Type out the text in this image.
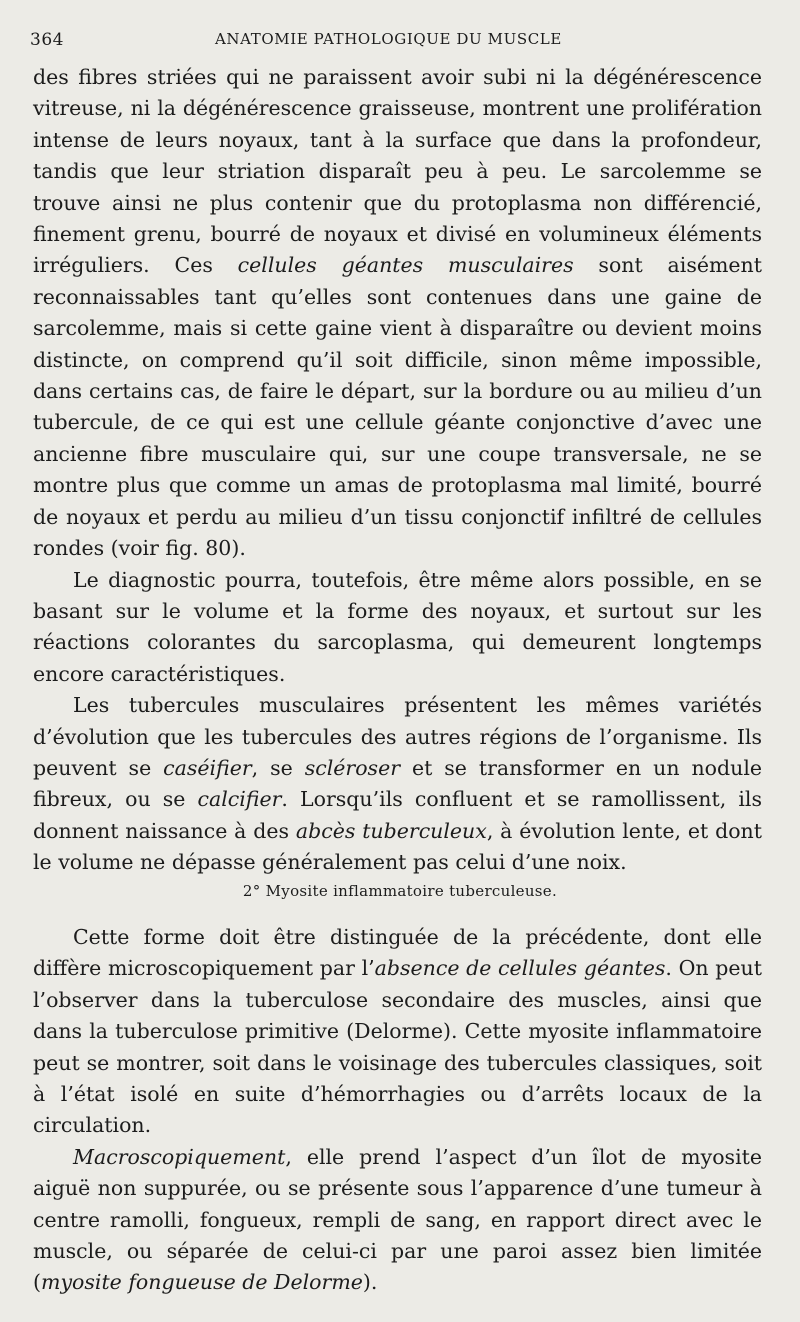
364	ANATOMIE PATHOLOGIQUE DU MUSCLE

des fibres striées qui ne paraissent avoir subi ni la dégénérescence vitreuse, ni la dégénérescence graisseuse, montrent une prolifération intense de leurs noyaux, tant à la surface que dans la profondeur, tandis que leur striation disparaît peu à peu. Le sarcolemme se trouve ainsi ne plus contenir que du protoplasma non différencié, finement grenu, bourré de noyaux et divisé en volumineux éléments irréguliers. Ces cellules géantes musculaires sont aisément reconnaissables tant qu’elles sont contenues dans une gaine de sarcolemme, mais si cette gaine vient à disparaître ou devient moins distincte, on comprend qu’il soit difficile, sinon même impossible, dans certains cas, de faire le départ, sur la bordure ou au milieu d’un tubercule, de ce qui est une cellule géante conjonctive d’avec une ancienne fibre musculaire qui, sur une coupe transversale, ne se montre plus que comme un amas de protoplasma mal limité, bourré de noyaux et perdu au milieu d’un tissu conjonctif infiltré de cellules rondes (voir fig. 80).

Le diagnostic pourra, toutefois, être même alors possible, en se basant sur le volume et la forme des noyaux, et surtout sur les réactions colorantes du sarcoplasma, qui demeurent longtemps encore caractéristiques.

Les tubercules musculaires présentent les mêmes variétés d’évolution que les tubercules des autres régions de l’organisme. Ils peuvent se caséifier, se scléroser et se transformer en un nodule fibreux, ou se calcifier. Lorsqu’ils confluent et se ramollissent, ils donnent naissance à des abcès tuberculeux, à évolution lente, et dont le volume ne dépasse généralement pas celui d’une noix.

2° Myosite inflammatoire tuberculeuse.

Cette forme doit être distinguée de la précédente, dont elle diffère microscopiquement par l’absence de cellules géantes. On peut l’observer dans la tuberculose secondaire des muscles, ainsi que dans la tuberculose primitive (Delorme). Cette myosite inflammatoire peut se montrer, soit dans le voisinage des tubercules classiques, soit à l’état isolé en suite d’hémorrhagies ou d’arrêts locaux de la circulation.

Macroscopiquement, elle prend l’aspect d’un îlot de myosite aiguë non suppurée, ou se présente sous l’apparence d’une tumeur à centre ramolli, fongueux, rempli de sang, en rapport direct avec le muscle, ou séparée de celui-ci par une paroi assez bien limitée (myosite fongueuse de Delorme).
